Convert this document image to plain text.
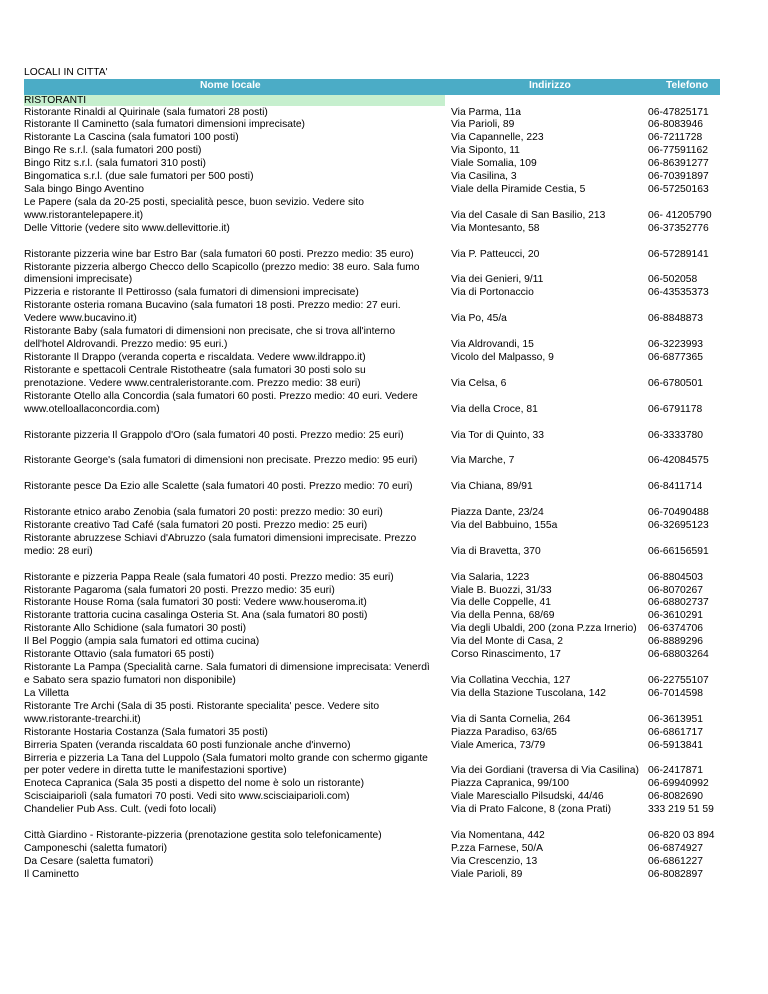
LOCALI IN CITTA'
Nome locale	Indirizzo	Telefono
RISTORANTI
Ristorante Rinaldi al Quirinale (sala fumatori 28 posti)	Via Parma, 11a	06-47825171
Ristorante Il Caminetto (sala fumatori dimensioni imprecisate)	Via Parioli, 89	06-8083946
Ristorante La Cascina (sala fumatori 100 posti)	Via Capannelle, 223	06-7211728
Bingo Re s.r.l. (sala fumatori 200 posti)	Via Siponto, 11	06-77591162
Bingo Ritz s.r.l. (sala fumatori 310 posti)	Viale Somalia, 109	06-86391277
Bingomatica s.r.l. (due sale fumatori per 500 posti)	Via Casilina, 3	06-70391897
Sala bingo Bingo Aventino	Viale della Piramide Cestia, 5	06-57250163
Le Papere (sala da 20-25 posti, specialità pesce, buon sevizio. Vedere sito
www.ristorantelepapere.it)	Via del Casale di San Basilio, 213	06- 41205790
Delle Vittorie (vedere sito www.dellevittorie.it)	Via Montesanto, 58	06-37352776
Ristorante pizzeria wine bar Estro Bar (sala fumatori 60 posti. Prezzo medio: 35 euro)	Via P. Patteucci, 20	06-57289141
Ristorante pizzeria albergo Checco dello Scapicollo (prezzo medio: 38 euro. Sala fumo
dimensioni imprecisate)	Via dei Genieri, 9/11	06-502058
Pizzeria e ristorante Il Pettirosso (sala fumatori di dimensioni imprecisate)	Via di Portonaccio	06-43535373
Ristorante osteria romana Bucavino (sala fumatori 18 posti. Prezzo medio: 27 euri.
Vedere www.bucavino.it)	Via Po, 45/a	06-8848873
Ristorante Baby (sala fumatori di dimensioni non precisate, che si trova all'interno
dell'hotel Aldrovandi. Prezzo medio: 95 euri.)	Via Aldrovandi, 15	06-3223993
Ristorante Il Drappo (veranda coperta e riscaldata. Vedere www.ildrappo.it)	Vicolo del Malpasso, 9	06-6877365
Ristorante e spettacoli Centrale Ristotheatre (sala fumatori 30 posti solo su
prenotazione. Vedere www.centraleristorante.com. Prezzo medio: 38 euri)	Via Celsa, 6	06-6780501
Ristorante Otello alla Concordia (sala fumatori 60 posti. Prezzo medio: 40 euri. Vedere
www.otelloallaconcordia.com)	Via della Croce, 81	06-6791178
Ristorante pizzeria Il Grappolo d'Oro (sala fumatori 40 posti. Prezzo medio: 25 euri)	Via Tor di Quinto, 33	06-3333780
Ristorante George's (sala fumatori di dimensioni non precisate. Prezzo medio: 95 euri)	Via Marche, 7	06-42084575
Ristorante pesce Da Ezio alle Scalette (sala fumatori 40 posti. Prezzo medio: 70 euri)	Via Chiana, 89/91	06-8411714
Ristorante etnico arabo Zenobia (sala fumatori 20 posti: prezzo medio: 30 euri)	Piazza Dante, 23/24	06-70490488
Ristorante creativo Tad Café (sala fumatori 20 posti. Prezzo medio: 25 euri)	Via del Babbuino, 155a	06-32695123
Ristorante abruzzese Schiavi d'Abruzzo (sala fumatori dimensioni imprecisate. Prezzo
medio: 28 euri)	Via di Bravetta, 370	06-66156591
Ristorante e pizzeria Pappa Reale (sala fumatori 40 posti. Prezzo medio: 35 euri)	Via Salaria, 1223	06-8804503
Ristorante Pagaroma (sala fumatori 20 posti. Prezzo medio: 35 euri)	Viale B. Buozzi, 31/33	06-8070267
Ristorante House Roma (sala fumatori 30 posti: Vedere www.houseroma.it)	Via delle Coppelle, 41	06-68802737
Ristorante trattoria cucina casalinga Osteria St. Ana (sala fumatori 80 posti)	Via della Penna, 68/69	06-3610291
Ristorante Allo Schidione (sala fumatori 30 posti)	Via degli Ubaldi, 200 (zona P.zza Irnerio) 06-6374706
Il Bel Poggio (ampia sala fumatori ed ottima cucina)	Via del Monte di Casa, 2	06-8889296
Ristorante Ottavio (sala fumatori 65 posti)	Corso Rinascimento, 17	06-68803264
Ristorante La Pampa (Specialità carne. Sala fumatori di dimensione imprecisata: Venerdì
e Sabato sera spazio fumatori non disponibile)	Via Collatina Vecchia, 127	06-22755107
La Villetta	Via della Stazione Tuscolana, 142	06-7014598
Ristorante Tre Archi (Sala di 35 posti. Ristorante specialita' pesce. Vedere sito
www.ristorante-trearchi.it)	Via di Santa Cornelia, 264	06-3613951
Ristorante Hostaria Costanza (Sala fumatori 35 posti)	Piazza Paradiso, 63/65	06-6861717
Birreria Spaten (veranda riscaldata 60 posti funzionale anche d'inverno)	Viale America, 73/79	06-5913841
Birreria e pizzeria La Tana del Luppolo (Sala fumatori molto grande con schermo gigante
per poter vedere in diretta tutte le manifestazioni sportive)	Via dei Gordiani (traversa di Via Casilina) 06-2417871
Enoteca Capranica (Sala 35 posti a dispetto del nome è solo un ristorante)	Piazza Capranica, 99/100	06-69940992
Scisciaipariolì (sala fumatori 70 posti. Vedi sito www.scisciaiparioli.com)	Viale Maresciallo Pilsudski, 44/46	06-8082690
Chandelier Pub Ass. Cult. (vedi foto locali)	Via di Prato Falcone, 8 (zona Prati)	333 219 51 59
Città Giardino - Ristorante-pizzeria (prenotazione gestita solo telefonicamente)	Via Nomentana, 442	06-820 03 894
Camponeschi (saletta fumatori)	P.zza Farnese, 50/A	06-6874927
Da Cesare (saletta fumatori)	Via Crescenzio, 13	06-6861227
Il Caminetto	Viale Parioli, 89	06-8082897
